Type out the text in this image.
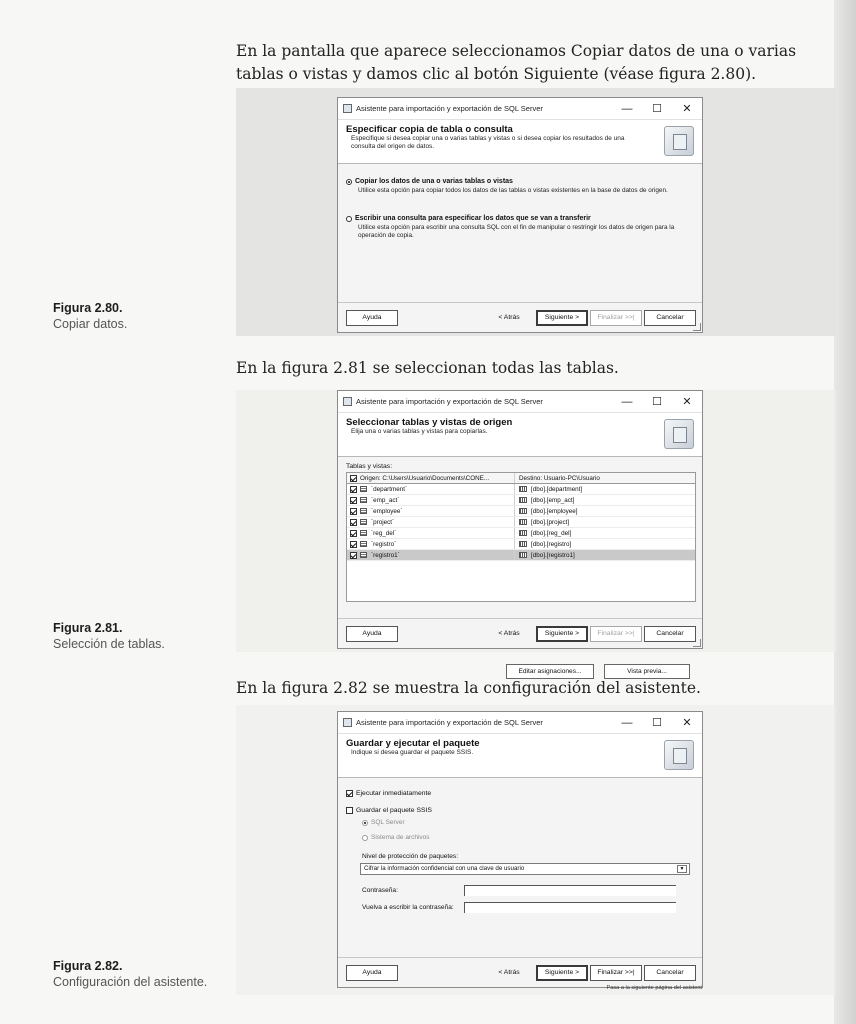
En la pantalla que aparece seleccionamos Copiar datos de una o varias tablas o vistas y damos clic al botón Siguiente (véase figura 2.80).

En la figura 2.81 se seleccionan todas las tablas.

En la figura 2.82 se muestra la configuración del asistente.

Figura 2.80.
Copiar datos.
Figura 2.81.
Selección de tablas.
Figura 2.82.
Configuración del asistente.
Asistente para importación y exportación de SQL Server	—	☐	✕
Especificar copia de tabla o consulta
Especifique si desea copiar una o varias tablas y vistas o si desea copiar los resultados de una consulta del origen de datos.
Copiar los datos de una o varias tablas o vistas
Utilice esta opción para copiar todos los datos de las tablas o vistas existentes en la base de datos de origen.
Escribir una consulta para especificar los datos que se van a transferir
Utilice esta opción para escribir una consulta SQL con el fin de manipular o restringir los datos de origen para la operación de copia.
Ayuda	< Atrás	Siguiente >	Finalizar >>|	Cancelar
Asistente para importación y exportación de SQL Server	—	☐	✕
Seleccionar tablas y vistas de origen
Elija una o varias tablas y vistas para copiarlas.
Tablas y vistas:
Origen: C:\Users\Usuario\Documents\CONE...	Destino: Usuario-PC\Usuario
`department`	[dbo].[department]
`emp_act`	[dbo].[emp_act]
`employee`	[dbo].[employee]
`project`	[dbo].[project]
`reg_del`	[dbo].[reg_del]
`registro`	[dbo].[registro]
`registro1`	[dbo].[registro1]
Editar asignaciones...	Vista previa...
Ayuda	< Atrás	Siguiente >	Finalizar >>|	Cancelar
Asistente para importación y exportación de SQL Server	—	☐	✕
Guardar y ejecutar el paquete
Indique si desea guardar el paquete SSIS.
Ejecutar inmediatamente
Guardar el paquete SSIS
SQL Server
Sistema de archivos
Nivel de protección de paquetes:
Cifrar la información confidencial con una clave de usuario	▼
Contraseña:
Vuelva a escribir la contraseña:
Ayuda	< Atrás	Siguiente >	Finalizar >>|	Cancelar
Pasa a la siguiente página del asistent
